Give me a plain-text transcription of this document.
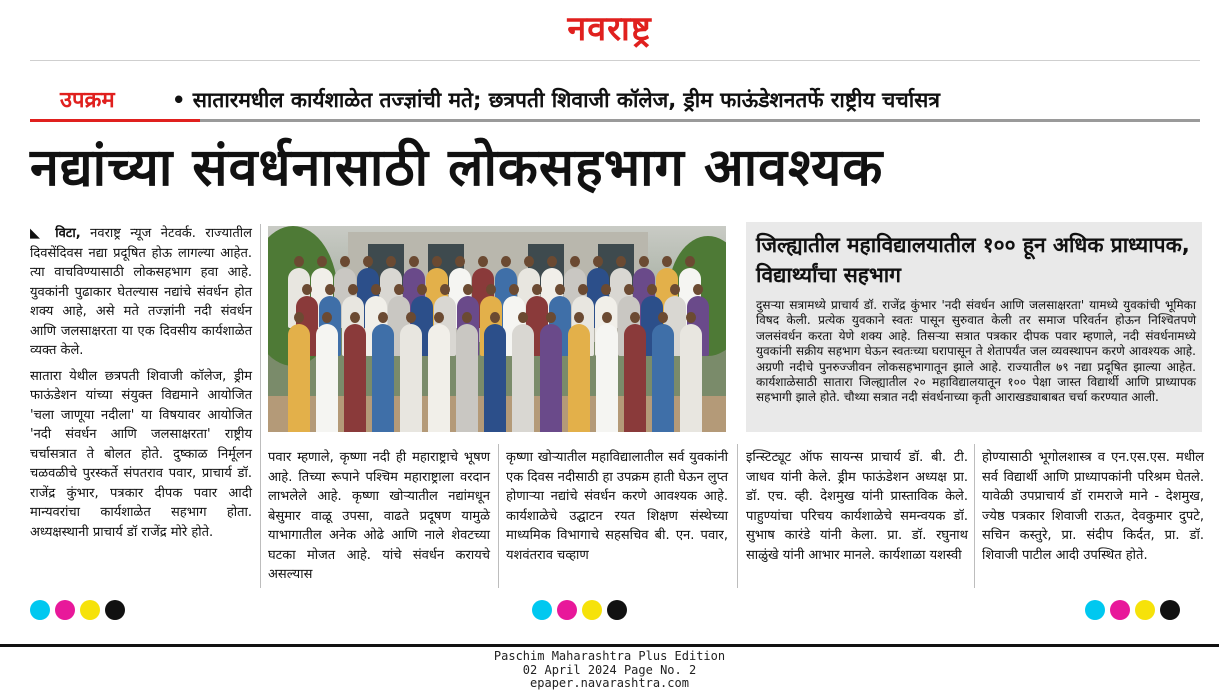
नवराष्ट्र
उपक्रम	• सातारमधील कार्यशाळेत तज्ज्ञांची मते; छत्रपती शिवाजी कॉलेज, ड्रीम फाऊंडेशनतर्फे राष्ट्रीय चर्चासत्र
नद्यांच्या संवर्धनासाठी लोकसहभाग आवश्यक

◣ विटा, नवराष्ट्र न्यूज नेटवर्क. राज्यातील दिवसेंदिवस नद्या प्रदूषित होऊ लागल्या आहेत. त्या वाचविण्यासाठी लोकसहभाग हवा आहे. युवकांनी पुढाकार घेतल्यास नद्यांचे संवर्धन होत शक्य आहे, असे मते तज्ज्ञांनी नदी संवर्धन आणि जलसाक्षरता या एक दिवसीय कार्यशाळेत व्यक्त केले.

सातारा येथील छत्रपती शिवाजी कॉलेज, ड्रीम फाऊंडेशन यांच्या संयुक्त विद्यमाने आयोजित 'चला जाणूया नदीला' या विषयावर आयोजित 'नदी संवर्धन आणि जलसाक्षरता' राष्ट्रीय चर्चासत्रात ते बोलत होते. दुष्काळ निर्मूलन चळवळीचे पुरस्कर्ते संपतराव पवार, प्राचार्य डॉ. राजेंद्र कुंभार, पत्रकार दीपक पवार आदी मान्यवरांचा कार्यशाळेत सहभाग होता. अध्यक्षस्थानी प्राचार्य डॉ राजेंद्र मोरे होते.

जिल्ह्यातील महाविद्यालयातील १०० हून अधिक प्राध्यापक, विद्यार्थ्यांचा सहभाग
दुसऱ्या सत्रामध्ये प्राचार्य डॉ. राजेंद्र कुंभार 'नदी संवर्धन आणि जलसाक्षरता' यामध्ये युवकांची भूमिका विषद केली. प्रत्येक युवकाने स्वतः पासून सुरुवात केली तर समाज परिवर्तन होऊन निश्चितपणे जलसंवर्धन करता येणे शक्य आहे. तिसऱ्या सत्रात पत्रकार दीपक पवार म्हणाले, नदी संवर्धनामध्ये युवकांनी सक्रीय सहभाग घेऊन स्वतःच्या घरापासून ते शेतापर्यंत जल व्यवस्थापन करणे आवश्यक आहे. अग्रणी नदीचे पुनरुज्जीवन लोकसहभागातून झाले आहे. राज्यातील ७९ नद्या प्रदूषित झाल्या आहेत. कार्यशाळेसाठी सातारा जिल्ह्यातील २० महाविद्यालयातून १०० पेक्षा जास्त विद्यार्थी आणि प्राध्यापक सहभागी झाले होते. चौथ्या सत्रात नदी संवर्धनाच्या कृती आराखड्याबाबत चर्चा करण्यात आली.
पवार म्हणाले, कृष्णा नदी ही महाराष्ट्राचे भूषण आहे. तिच्या रूपाने पश्चिम महाराष्ट्राला वरदान लाभलेले आहे. कृष्णा खोऱ्यातील नद्यांमधून बेसुमार वाळू उपसा, वाढते प्रदूषण यामुळे याभागातील अनेक ओढे आणि नाले शेवटच्या घटका मोजत आहे. यांचे संवर्धन करायचे असल्यास
कृष्णा खोऱ्यातील महाविद्यालातील सर्व युवकांनी एक दिवस नदीसाठी हा उपक्रम हाती घेऊन लुप्त होणाऱ्या नद्यांचे संवर्धन करणे आवश्यक आहे. कार्यशाळेचे उद्घाटन रयत शिक्षण संस्थेच्या माध्यमिक विभागाचे सहसचिव बी. एन. पवार, यशवंतराव चव्हाण
इन्स्टिट्यूट ऑफ सायन्स प्राचार्य डॉ. बी. टी. जाधव यांनी केले. ड्रीम फाऊंडेशन अध्यक्ष प्रा. डॉ. एच. व्ही. देशमुख यांनी प्रास्ताविक केले. पाहुण्यांचा परिचय कार्यशाळेचे समन्वयक डॉ. सुभाष कारंडे यांनी केला. प्रा. डॉ. रघुनाथ साळुंखे यांनी आभार मानले. कार्यशाळा यशस्वी
होण्यासाठी भूगोलशास्त्र व एन.एस.एस. मधील सर्व विद्यार्थी आणि प्राध्यापकांनी परिश्रम घेतले. यावेळी उपप्राचार्य डॉ रामराजे माने - देशमुख, ज्येष्ठ पत्रकार शिवाजी राऊत, देवकुमार दुपटे, सचिन कस्तुरे, प्रा. संदीप किर्दत, प्रा. डॉ. शिवाजी पाटील आदी उपस्थित होते.
Paschim Maharashtra Plus Edition
02 April 2024 Page No. 2
epaper.navarashtra.com
